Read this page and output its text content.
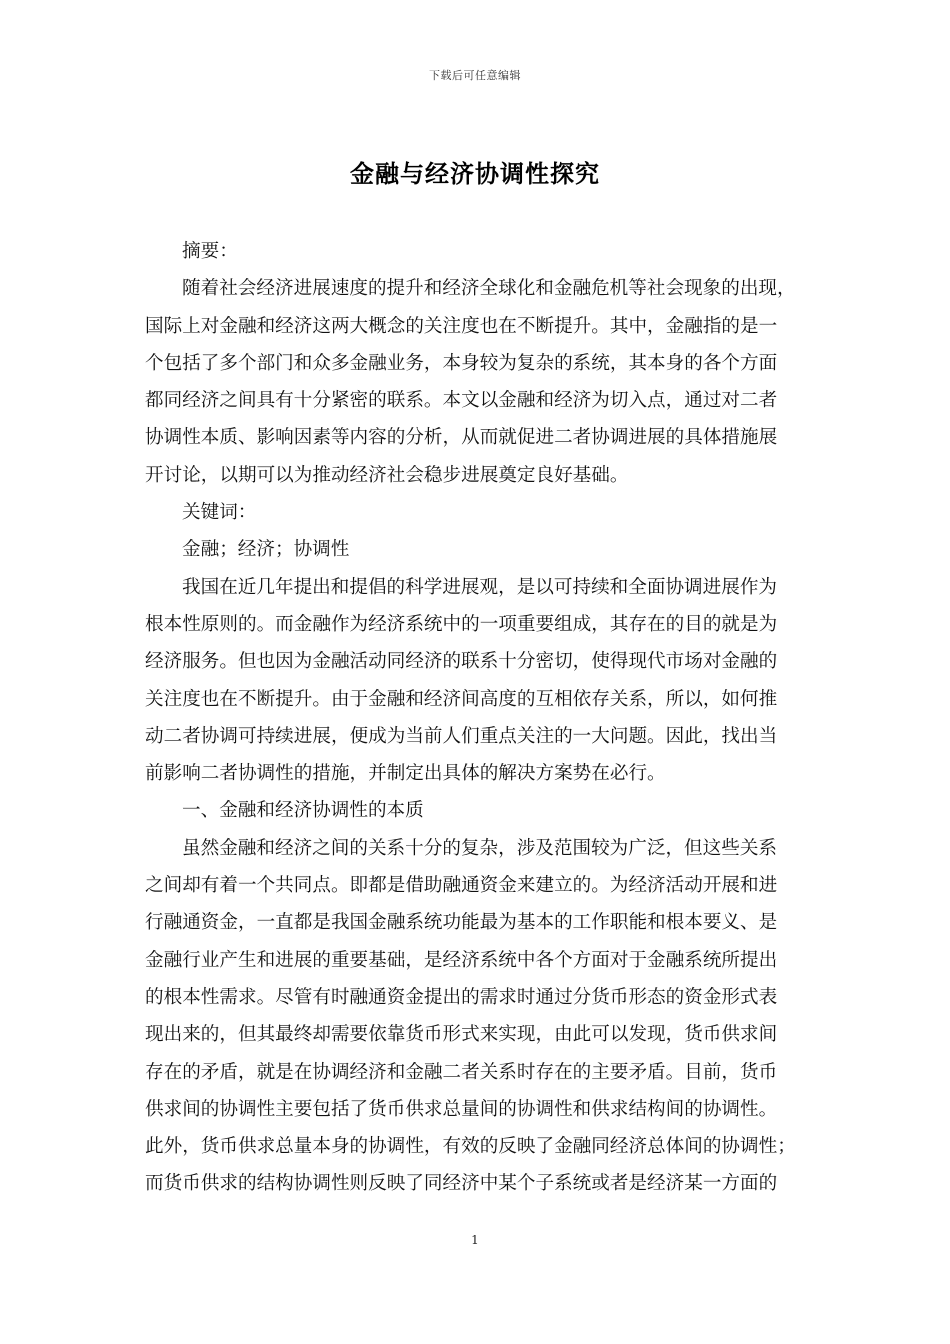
下载后可任意编辑
金融与经济协调性探究
摘要：
随着社会经济进展速度的提升和经济全球化和金融危机等社会现象的出现，
国际上对金融和经济这两大概念的关注度也在不断提升。其中，金融指的是一
个包括了多个部门和众多金融业务，本身较为复杂的系统，其本身的各个方面
都同经济之间具有十分紧密的联系。本文以金融和经济为切入点，通过对二者
协调性本质、影响因素等内容的分析，从而就促进二者协调进展的具体措施展
开讨论，以期可以为推动经济社会稳步进展奠定良好基础。
关键词：
金融；经济；协调性
我国在近几年提出和提倡的科学进展观，是以可持续和全面协调进展作为
根本性原则的。而金融作为经济系统中的一项重要组成，其存在的目的就是为
经济服务。但也因为金融活动同经济的联系十分密切，使得现代市场对金融的
关注度也在不断提升。由于金融和经济间高度的互相依存关系，所以，如何推
动二者协调可持续进展，便成为当前人们重点关注的一大问题。因此，找出当
前影响二者协调性的措施，并制定出具体的解决方案势在必行。
一、金融和经济协调性的本质
虽然金融和经济之间的关系十分的复杂，涉及范围较为广泛，但这些关系
之间却有着一个共同点。即都是借助融通资金来建立的。为经济活动开展和进
行融通资金，一直都是我国金融系统功能最为基本的工作职能和根本要义、是
金融行业产生和进展的重要基础，是经济系统中各个方面对于金融系统所提出
的根本性需求。尽管有时融通资金提出的需求时通过分货币形态的资金形式表
现出来的，但其最终却需要依靠货币形式来实现，由此可以发现，货币供求间
存在的矛盾，就是在协调经济和金融二者关系时存在的主要矛盾。目前，货币
供求间的协调性主要包括了货币供求总量间的协调性和供求结构间的协调性。
此外，货币供求总量本身的协调性，有效的反映了金融同经济总体间的协调性；
而货币供求的结构协调性则反映了同经济中某个子系统或者是经济某一方面的
1
